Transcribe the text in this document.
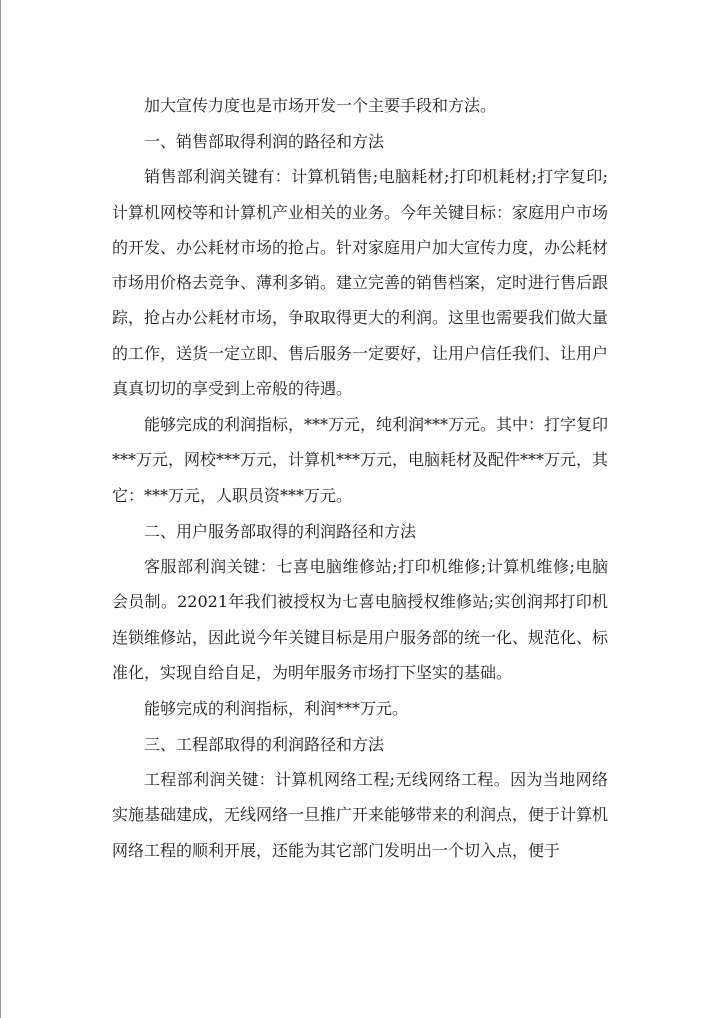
加大宣传力度也是市场开发一个主要手段和方法。

一、销售部取得利润的路径和方法

销售部利润关键有：计算机销售;电脑耗材;打印机耗材;打字复印;计算机网校等和计算机产业相关的业务。今年关键目标：家庭用户市场的开发、办公耗材市场的抢占。针对家庭用户加大宣传力度，办公耗材市场用价格去竞争、薄利多销。建立完善的销售档案，定时进行售后跟踪，抢占办公耗材市场，争取取得更大的利润。这里也需要我们做大量的工作，送货一定立即、售后服务一定要好，让用户信任我们、让用户真真切切的享受到上帝般的待遇。

能够完成的利润指标，***万元，纯利润***万元。其中：打字复印***万元，网校***万元，计算机***万元，电脑耗材及配件***万元，其它：***万元，人职员资***万元。

二、用户服务部取得的利润路径和方法

客服部利润关键：七喜电脑维修站;打印机维修;计算机维修;电脑会员制。22021年我们被授权为七喜电脑授权维修站;实创润邦打印机连锁维修站，因此说今年关键目标是用户服务部的统一化、规范化、标准化，实现自给自足，为明年服务市场打下坚实的基础。

能够完成的利润指标，利润***万元。

三、工程部取得的利润路径和方法

工程部利润关键：计算机网络工程;无线网络工程。因为当地网络实施基础建成，无线网络一旦推广开来能够带来的利润点，便于计算机网络工程的顺利开展，还能为其它部门发明出一个切入点，便于
